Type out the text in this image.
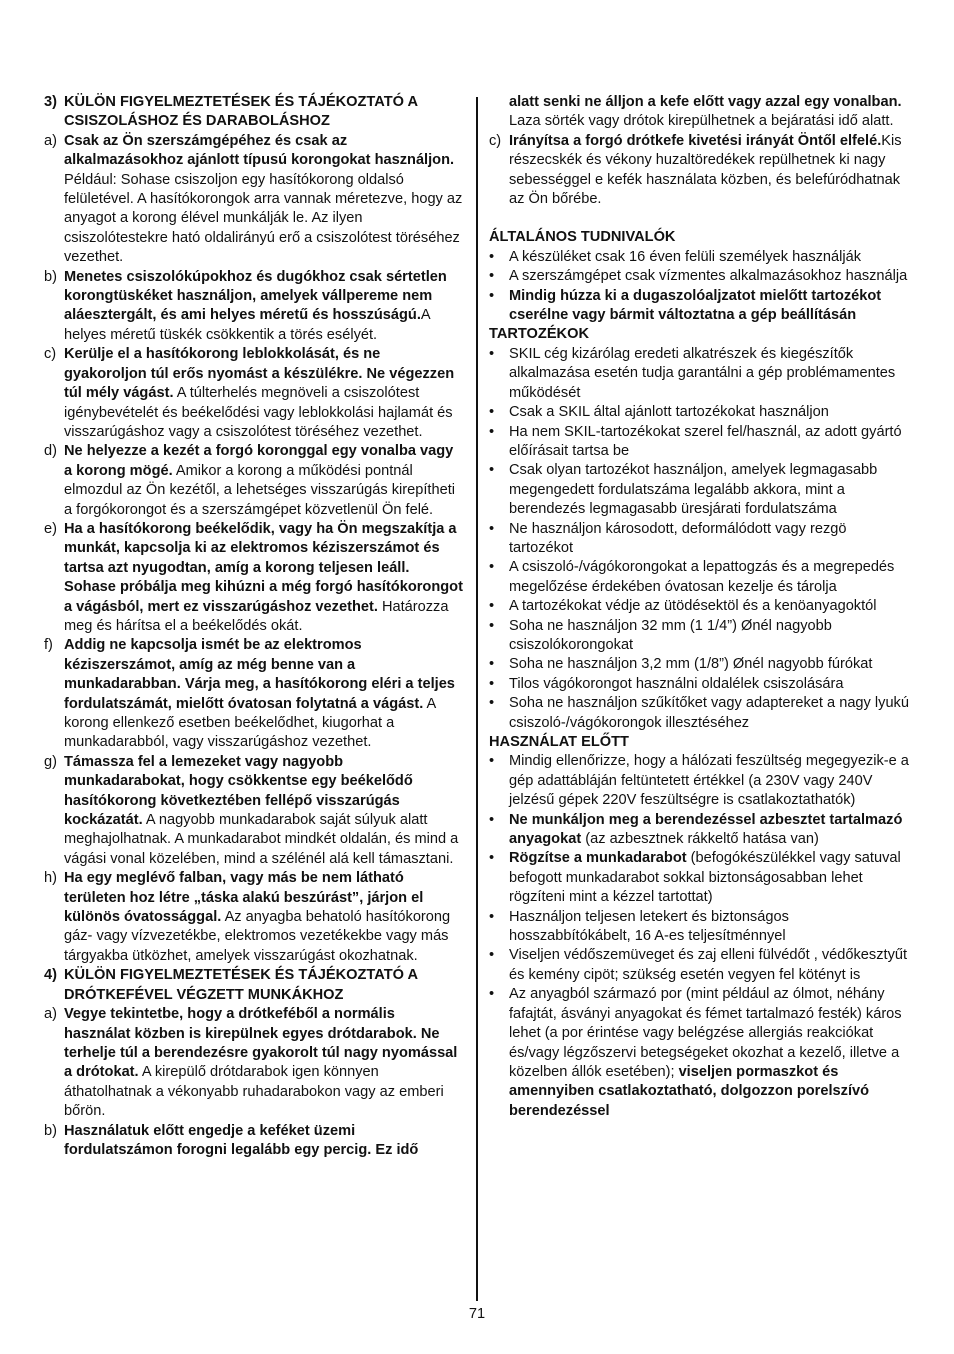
3) KÜLÖN FIGYELMEZTETÉSEK ÉS TÁJÉKOZTATÓ A CSISZOLÁSHOZ ÉS DARABOLÁSHOZ
a) Csak az Ön szerszámgépéhez és csak az alkalmazásokhoz ajánlott típusú korongokat használjon. Például: Sohase csiszoljon egy hasítókorong oldalsó felületével. A hasítókorongok arra vannak méretezve, hogy az anyagot a korong élével munkálják le. Az ilyen csiszolótestekre ható oldalirányú erő a csiszolótest töréséhez vezethet.
b) Menetes csiszolókúpokhoz és dugókhoz csak sértetlen korongtüskéket használjon, amelyek vállpereme nem aláesztergált, és ami helyes méretű és hosszúságú.A helyes méretű tüskék csökkentik a törés esélyét.
c) Kerülje el a hasítókorong leblokkolását, és ne gyakoroljon túl erős nyomást a készülékre. Ne végezzen túl mély vágást. A túlterhelés megnöveli a csiszolótest igénybevételét és beékelődési vagy leblokkolási hajlamát és visszarúgáshoz vagy a csiszolótest töréséhez vezethet.
d) Ne helyezze a kezét a forgó koronggal egy vonalba vagy a korong mögé. Amikor a korong a működési pontnál elmozdul az Ön kezétől, a lehetséges visszarúgás kirepítheti a forgókorongot és a szerszámgépet közvetlenül Ön felé.
e) Ha a hasítókorong beékelődik, vagy ha Ön megszakítja a munkát, kapcsolja ki az elektromos kéziszerszámot és tartsa azt nyugodtan, amíg a korong teljesen leáll. Sohase próbálja meg kihúzni a még forgó hasítókorongot a vágásból, mert ez visszarúgáshoz vezethet. Határozza meg és hárítsa el a beékelődés okát.
f) Addig ne kapcsolja ismét be az elektromos kéziszerszámot, amíg az még benne van a munkadarabban. Várja meg, a hasítókorong eléri a teljes fordulatszámát, mielőtt óvatosan folytatná a vágást. A korong ellenkező esetben beékelődhet, kiugorhat a munkadarabból, vagy visszarúgáshoz vezethet.
g) Támassza fel a lemezeket vagy nagyobb munkadarabokat, hogy csökkentse egy beékelődő hasítókorong következtében fellépő visszarúgás kockázatát. A nagyobb munkadarabok saját súlyuk alatt meghajolhatnak. A munkadarabot mindkét oldalán, és mind a vágási vonal közelében, mind a szélénél alá kell támasztani.
h) Ha egy meglévő falban, vagy más be nem látható területen hoz létre „táska alakú beszúrást”, járjon el különös óvatossággal. Az anyagba behatoló hasítókorong gáz- vagy vízvezetékbe, elektromos vezetékekbe vagy más tárgyakba ütközhet, amelyek visszarúgást okozhatnak.
4) KÜLÖN FIGYELMEZTETÉSEK ÉS TÁJÉKOZTATÓ A DRÓTKEFÉVEL VÉGZETT MUNKÁKHOZ
a) Vegye tekintetbe, hogy a drótkeféből a normális használat közben is kirepülnek egyes drótdarabok. Ne terhelje túl a berendezésre gyakorolt túl nagy nyomással a drótokat. A kirepülő drótdarabok igen könnyen áthatolhatnak a vékonyabb ruhadarabokon vagy az emberi bőrön.
b) Használatuk előtt engedje a keféket üzemi fordulatszámon forogni legalább egy percig. Ez idő
alatt senki ne álljon a kefe előtt vagy azzal egy vonalban. Laza sörték vagy drótok kirepülhetnek a bejáratási idő alatt.
c) Irányítsa a forgó drótkefe kivetési irányát Öntől elfelé.Kis részecskék és vékony huzaltöredékek repülhetnek ki nagy sebességgel e kefék használata közben, és belefúródhatnak az Ön bőrébe.
ÁLTALÁNOS TUDNIVALÓK
•	A készüléket csak 16 éven felüli személyek használják
•	A szerszámgépet csak vízmentes alkalmazásokhoz használja
•	Mindig húzza ki a dugaszolóaljzatot mielőtt tartozékot cserélne vagy bármit változtatna a gép beállításán
TARTOZÉKOK
•	SKIL cég kizárólag eredeti alkatrészek és kiegészítők alkalmazása esetén tudja garantálni a gép problémamentes működését
•	Csak a SKIL által ajánlott tartozékokat használjon
•	Ha nem SKIL-tartozékokat szerel fel/használ, az adott gyártó előírásait tartsa be
•	Csak olyan tartozékot használjon, amelyek legmagasabb megengedett fordulatszáma legalább akkora, mint a berendezés legmagasabb üresjárati fordulatszáma
•	Ne használjon károsodott, deformálódott vagy rezgö tartozékot
•	A csiszoló-/vágókorongokat a lepattogzás és a megrepedés megelőzése érdekében óvatosan kezelje és tárolja
•	A tartozékokat védje az ütödésektöl és a kenöanyagoktól
•	Soha ne használjon 32 mm (1 1/4”) Ønél nagyobb csiszolókorongokat
•	Soha ne használjon 3,2 mm (1/8”) Ønél nagyobb fúrókat
•	Tilos vágókorongot használni oldalélek csiszolására
•	Soha ne használjon szűkítőket vagy adaptereket a nagy lyukú csiszoló-/vágókorongok illesztéséhez
HASZNÁLAT ELŐTT
•	Mindig ellenőrizze, hogy a hálózati feszültség megegyezik-e a gép adattábláján feltüntetett értékkel (a 230V vagy 240V jelzésű gépek 220V feszültségre is csatlakoztathatók)
•	Ne munkáljon meg a berendezéssel azbesztet tartalmazó anyagokat (az azbesztnek rákkeltő hatása van)
•	Rögzítse a munkadarabot (befogókészülékkel vagy satuval befogott munkadarabot sokkal biztonságosabban lehet rögzíteni mint a kézzel tartottat)
•	Használjon teljesen letekert és biztonságos hosszabbítókábelt, 16 A-es teljesítménnyel
•	Viseljen védőszemüveget és zaj elleni fülvédőt , védőkesztyűt és kemény cipöt; szükség esetén vegyen fel kötényt is
•	Az anyagból származó por (mint például az ólmot, néhány fafajtát, ásványi anyagokat és fémet tartalmazó festék) káros lehet (a por érintése vagy belégzése allergiás reakciókat és/vagy légzőszervi betegségeket okozhat a kezelő, illetve a közelben állók esetében); viseljen pormaszkot és amennyiben csatlakoztatható, dolgozzon porelszívó berendezéssel
71
